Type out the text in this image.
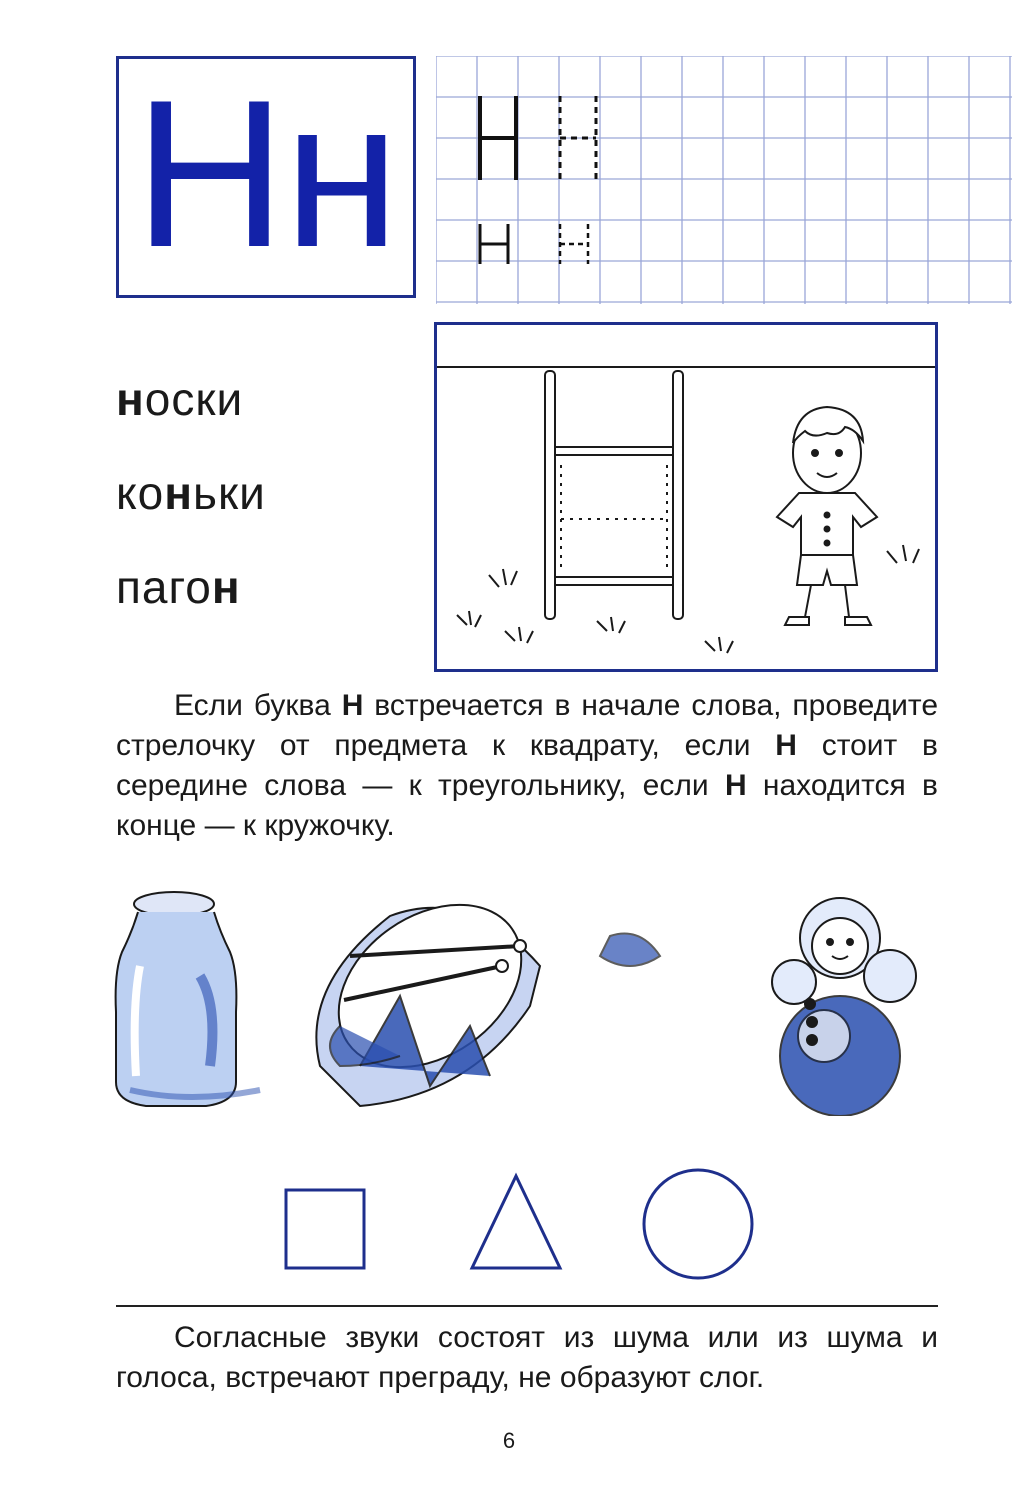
Нн
носки
коньки
пагон
Если буква Н встречается в начале слова, проведите стрелочку от предмета к квадрату, если Н стоит в середине слова — к треугольнику, если Н находится в конце — к кружочку.
Согласные звуки состоят из шума или из шума и голоса, встречают преграду, не образуют слог.
6
